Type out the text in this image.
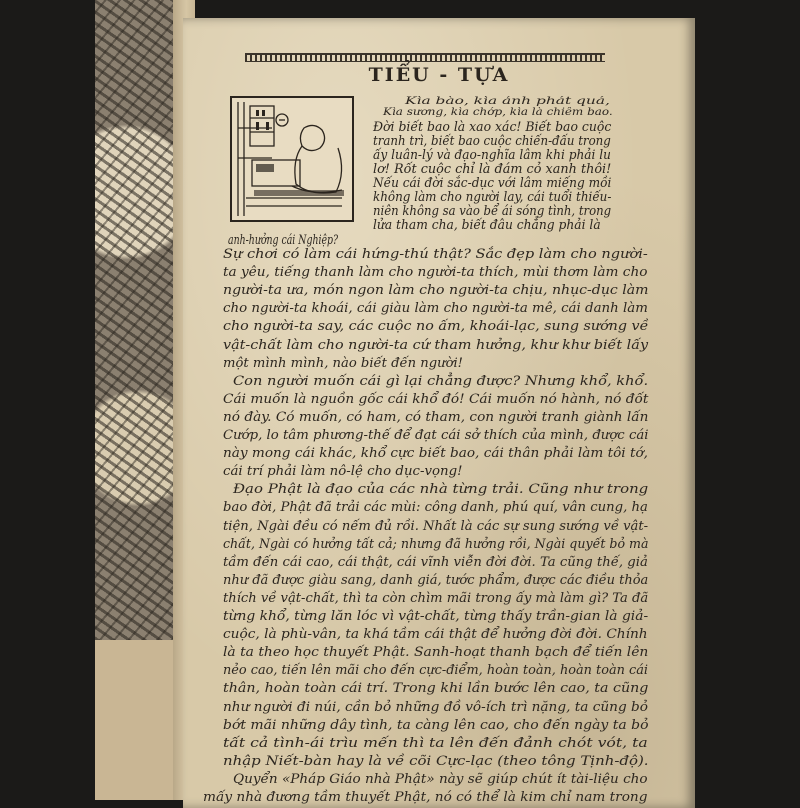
TIỂU - TỰA
Kìa bào, kìa ảnh phát quá,
Kìa sương, kìa chớp, kìa là chiêm bao.
Đời biết bao là xao xác! Biết bao cuộc
tranh trì, biết bao cuộc chiến-đấu trong
ấy luân-lý và đạo-nghĩa lâm khi phải lu
lơ! Rốt cuộc chỉ là đám cỏ xanh thôi!
Nếu cái đời sắc-dục với lâm miếng mồi
không làm cho người lay, cái tuổi thiếu-
niên không sa vào bể ái sóng tình, trong
lửa tham cha, biết đâu chẳng phải là
anh-hưởng cái Nghiệp?
Sự chơi có làm cái hứng-thú thật? Sắc đẹp làm cho người-
ta yêu, tiếng thanh làm cho người-ta thích, mùi thơm làm cho
người-ta ưa, món ngon làm cho người-ta chịu, nhục-dục làm
cho người-ta khoái, cái giàu làm cho người-ta mê, cái danh làm
cho người-ta say, các cuộc no ấm, khoái-lạc, sung sướng về
vật-chất làm cho người-ta cứ tham hưởng, khư khư biết lấy
một mình mình, nào biết đến người!
Con người muốn cái gì lại chẳng được? Nhưng khổ, khổ.
Cái muốn là nguồn gốc cái khổ đó! Cái muốn nó hành, nó đốt
nó đày. Có muốn, có ham, có tham, con người tranh giành lấn
Cướp, lo tâm phương-thế để đạt cái sở thích của mình, được cái
này mong cái khác, khổ cực biết bao, cái thân phải làm tôi tớ,
cái trí phải làm nô-lệ cho dục-vọng!
Đạo Phật là đạo của các nhà từng trải. Cũng như trong
bao đời, Phật đã trải các mùi: công danh, phú quí, vân cung, hạ
tiện, Ngài đều có nếm đủ rồi. Nhất là các sự sung sướng về vật-
chất, Ngài có hưởng tất cả; nhưng đã hưởng rồi, Ngài quyết bỏ mà
tầm đến cái cao, cái thật, cái vĩnh viễn đời đời. Ta cũng thế, giả
như đã được giàu sang, danh giá, tước phẩm, được các điều thỏa
thích về vật-chất, thì ta còn chìm mãi trong ấy mà làm gì? Ta đã
từng khổ, từng lăn lóc vì vật-chất, từng thấy trần-gian là giả-
cuộc, là phù-vân, ta khá tầm cái thật để hưởng đời đời. Chính
là ta theo học thuyết Phật. Sanh-hoạt thanh bạch để tiến lên
nẻo cao, tiến lên mãi cho đến cực-điểm, hoàn toàn, hoàn toàn cái
thân, hoàn toàn cái trí. Trong khi lần bước lên cao, ta cũng
như người đi núi, cần bỏ những đồ vô-ích trì nặng, ta cũng bỏ
bớt mãi những dây tình, ta càng lên cao, cho đến ngày ta bỏ
tất cả tình-ái trìu mến thì ta lên đến đảnh chót vót, ta
nhập Niết-bàn hay là về cõi Cực-lạc (theo tông Tịnh-độ).
Quyển «Pháp Giáo nhà Phật» này sẽ giúp chút ít tài-liệu cho
mấy nhà đương tầm thuyết Phật, nó có thể là kim chỉ nam trong
